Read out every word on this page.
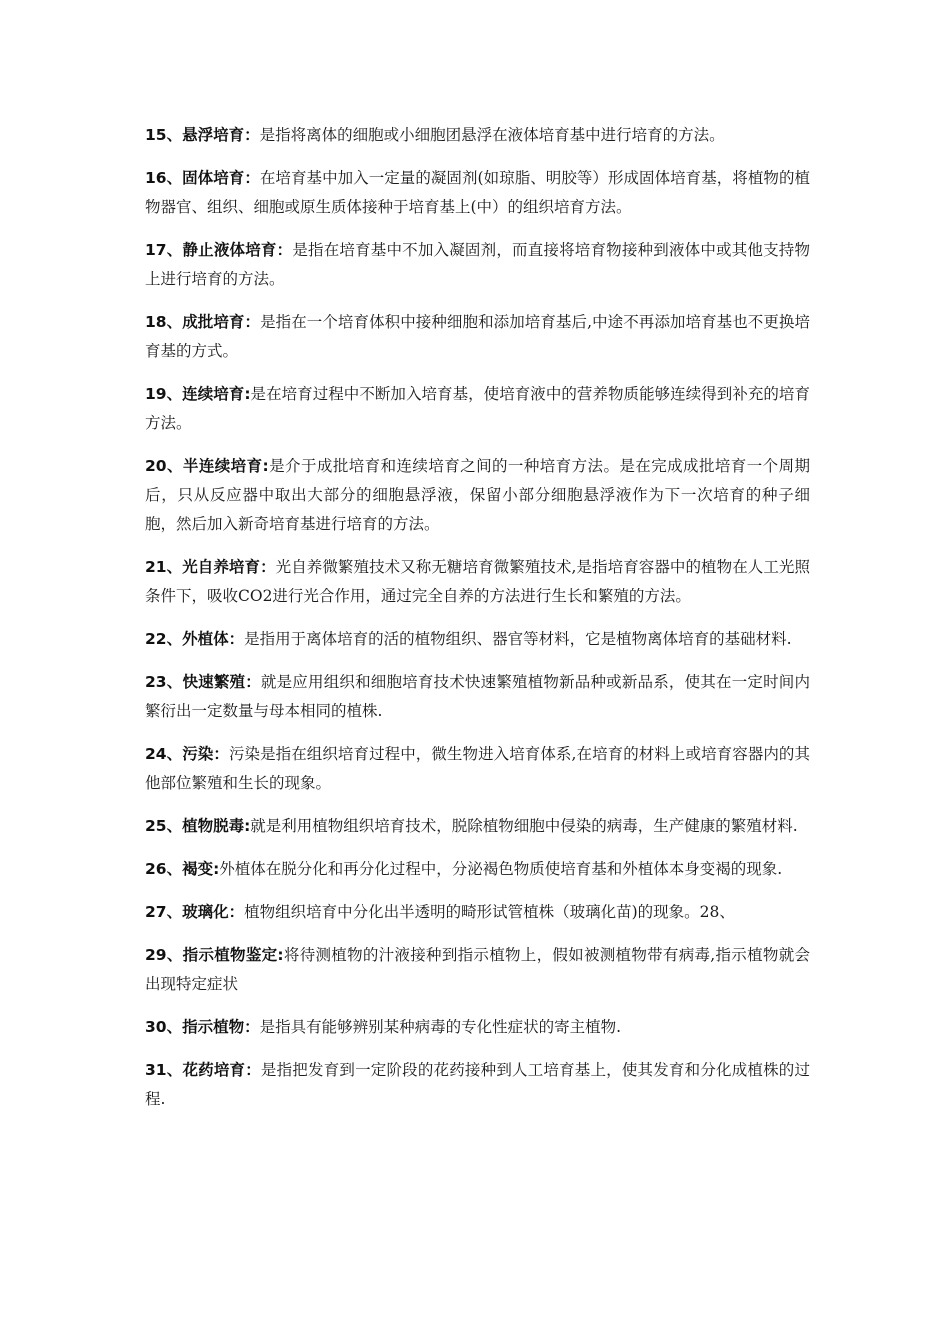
15、悬浮培育：是指将离体的细胞或小细胞团悬浮在液体培育基中进行培育的方法。

16、固体培育：在培育基中加入一定量的凝固剂(如琼脂、明胶等）形成固体培育基，将植物的植物器官、组织、细胞或原生质体接种于培育基上(中）的组织培育方法。

17、静止液体培育：是指在培育基中不加入凝固剂，而直接将培育物接种到液体中或其他支持物上进行培育的方法。

18、成批培育：是指在一个培育体积中接种细胞和添加培育基后,中途不再添加培育基也不更换培育基的方式。

19、连续培育:是在培育过程中不断加入培育基，使培育液中的营养物质能够连续得到补充的培育方法。

20、半连续培育:是介于成批培育和连续培育之间的一种培育方法。是在完成成批培育一个周期后，只从反应器中取出大部分的细胞悬浮液，保留小部分细胞悬浮液作为下一次培育的种子细胞，然后加入新奇培育基进行培育的方法。

21、光自养培育：光自养微繁殖技术又称无糖培育微繁殖技术,是指培育容器中的植物在人工光照条件下，吸收CO2进行光合作用，通过完全自养的方法进行生长和繁殖的方法。

22、外植体：是指用于离体培育的活的植物组织、器官等材料，它是植物离体培育的基础材料.

23、快速繁殖：就是应用组织和细胞培育技术快速繁殖植物新品种或新品系，使其在一定时间内繁衍出一定数量与母本相同的植株.

24、污染：污染是指在组织培育过程中，微生物进入培育体系,在培育的材料上或培育容器内的其他部位繁殖和生长的现象。

25、植物脱毒:就是利用植物组织培育技术，脱除植物细胞中侵染的病毒，生产健康的繁殖材料.

26、褐变:外植体在脱分化和再分化过程中，分泌褐色物质使培育基和外植体本身变褐的现象.

27、玻璃化：植物组织培育中分化出半透明的畸形试管植株（玻璃化苗)的现象。28、

29、指示植物鉴定:将待测植物的汁液接种到指示植物上，假如被测植物带有病毒,指示植物就会出现特定症状

30、指示植物：是指具有能够辨别某种病毒的专化性症状的寄主植物.

31、花药培育：是指把发育到一定阶段的花药接种到人工培育基上，使其发育和分化成植株的过程.
